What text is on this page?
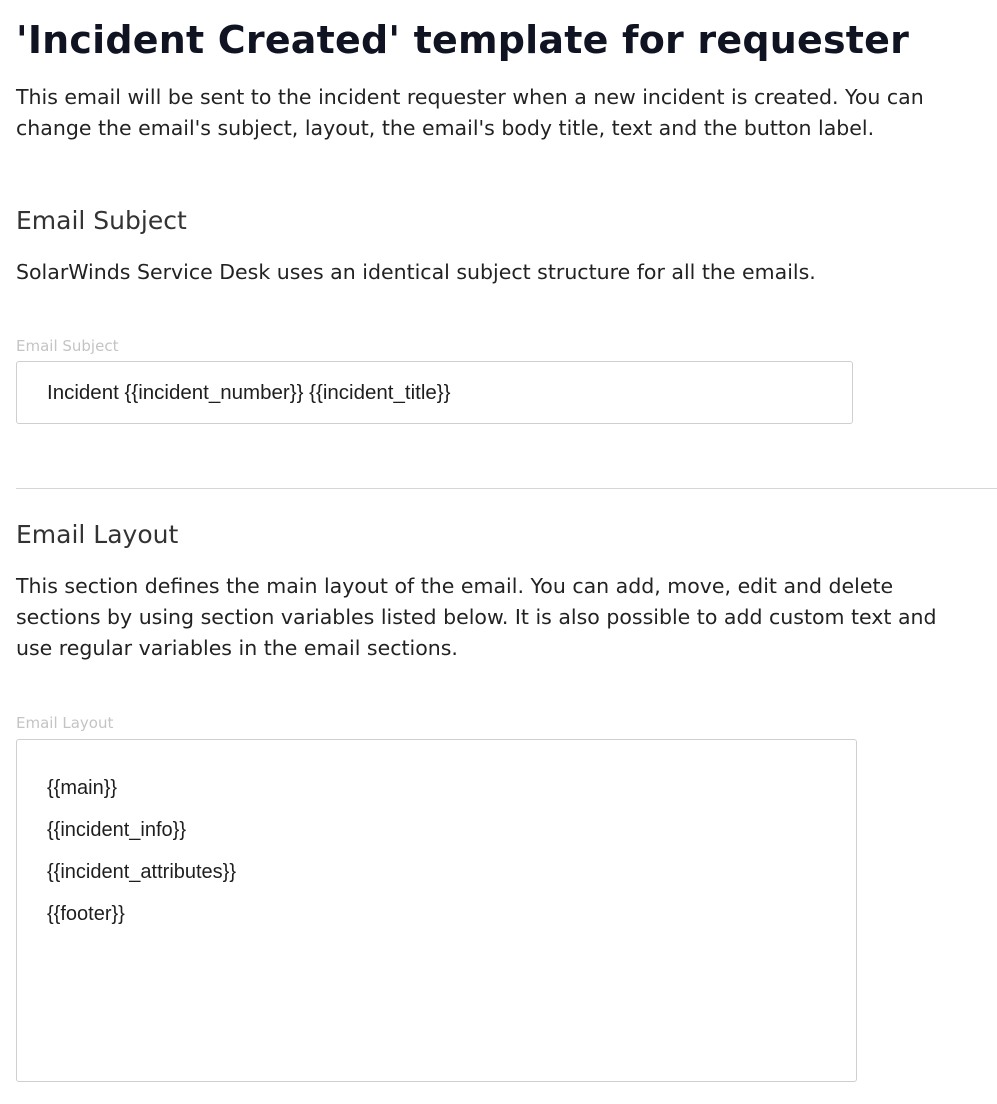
'Incident Created' template for requester

This email will be sent to the incident requester when a new incident is created. You can change the email's subject, layout, the email's body title, text and the button label.

Email Subject

SolarWinds Service Desk uses an identical subject structure for all the emails.

Email Subject
Incident {{incident_number}} {{incident_title}}
Email Layout

This section defines the main layout of the email. You can add, move, edit and delete sections by using section variables listed below. It is also possible to add custom text and use regular variables in the email sections.

Email Layout
{{main}}
{{incident_info}}
{{incident_attributes}}
{{footer}}
